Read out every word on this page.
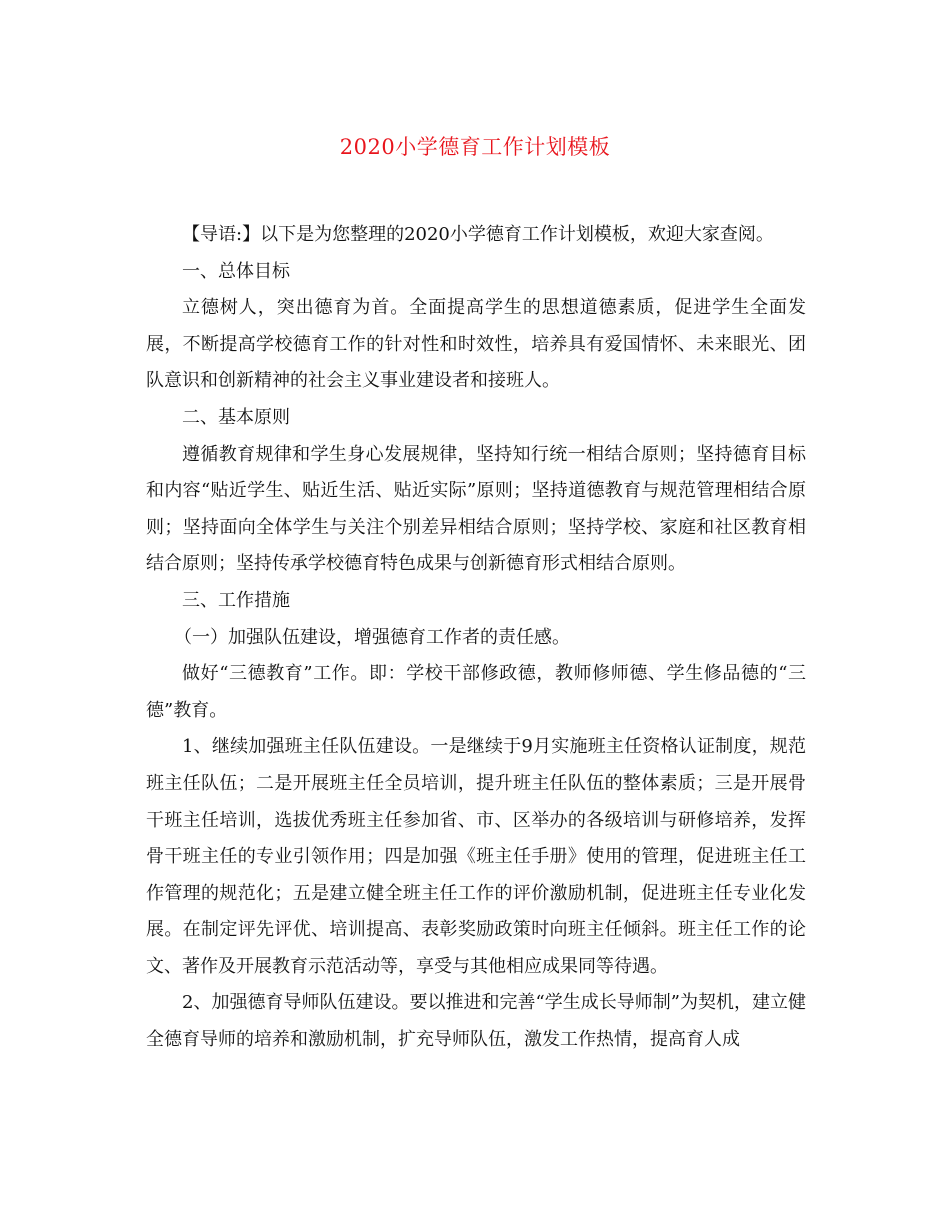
2020小学德育工作计划模板

【导语:】以下是为您整理的2020小学德育工作计划模板，欢迎大家查阅。

一、总体目标

立德树人，突出德育为首。全面提高学生的思想道德素质，促进学生全面发展，不断提高学校德育工作的针对性和时效性，培养具有爱国情怀、未来眼光、团队意识和创新精神的社会主义事业建设者和接班人。

二、基本原则

遵循教育规律和学生身心发展规律，坚持知行统一相结合原则；坚持德育目标和内容“贴近学生、贴近生活、贴近实际”原则；坚持道德教育与规范管理相结合原则；坚持面向全体学生与关注个别差异相结合原则；坚持学校、家庭和社区教育相结合原则；坚持传承学校德育特色成果与创新德育形式相结合原则。

三、工作措施

（一）加强队伍建设，增强德育工作者的责任感。

做好“三德教育”工作。即：学校干部修政德，教师修师德、学生修品德的“三德”教育。

1、继续加强班主任队伍建设。一是继续于9月实施班主任资格认证制度，规范班主任队伍；二是开展班主任全员培训，提升班主任队伍的整体素质；三是开展骨干班主任培训，选拔优秀班主任参加省、市、区举办的各级培训与研修培养，发挥骨干班主任的专业引领作用；四是加强《班主任手册》使用的管理，促进班主任工作管理的规范化；五是建立健全班主任工作的评价激励机制，促进班主任专业化发展。在制定评先评优、培训提高、表彰奖励政策时向班主任倾斜。班主任工作的论文、著作及开展教育示范活动等，享受与其他相应成果同等待遇。

2、加强德育导师队伍建设。要以推进和完善“学生成长导师制”为契机，建立健全德育导师的培养和激励机制，扩充导师队伍，激发工作热情，提高育人成
